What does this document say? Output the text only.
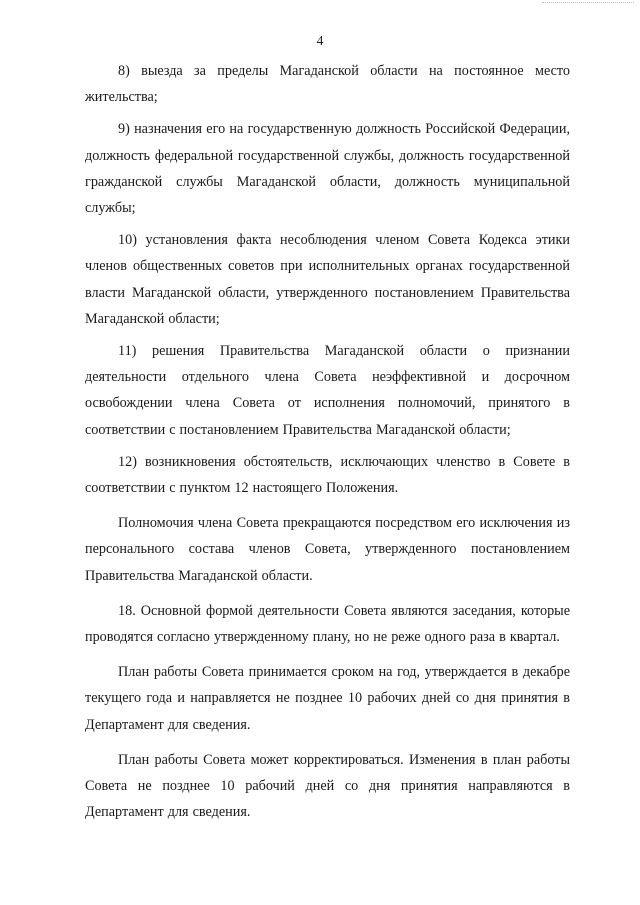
4

8) выезда за пределы Магаданской области на постоянное место жительства;

9) назначения его на государственную должность Российской Федерации, должность федеральной государственной службы, должность государственной гражданской службы Магаданской области, должность муниципальной службы;

10) установления факта несоблюдения членом Совета Кодекса этики членов общественных советов при исполнительных органах государственной власти Магаданской области, утвержденного постановлением Правительства Магаданской области;

11) решения Правительства Магаданской области о признании деятельности отдельного члена Совета неэффективной и досрочном освобождении члена Совета от исполнения полномочий, принятого в соответствии с постановлением Правительства Магаданской области;

12) возникновения обстоятельств, исключающих членство в Совете в соответствии с пунктом 12 настоящего Положения.

Полномочия члена Совета прекращаются посредством его исключения из персонального состава членов Совета, утвержденного постановлением Правительства Магаданской области.

18. Основной формой деятельности Совета являются заседания, которые проводятся согласно утвержденному плану, но не реже одного раза в квартал.

План работы Совета принимается сроком на год, утверждается в декабре текущего года и направляется не позднее 10 рабочих дней со дня принятия в Департамент для сведения.

План работы Совета может корректироваться. Изменения в план работы Совета не позднее 10 рабочий дней со дня принятия направляются в Департамент для сведения.
